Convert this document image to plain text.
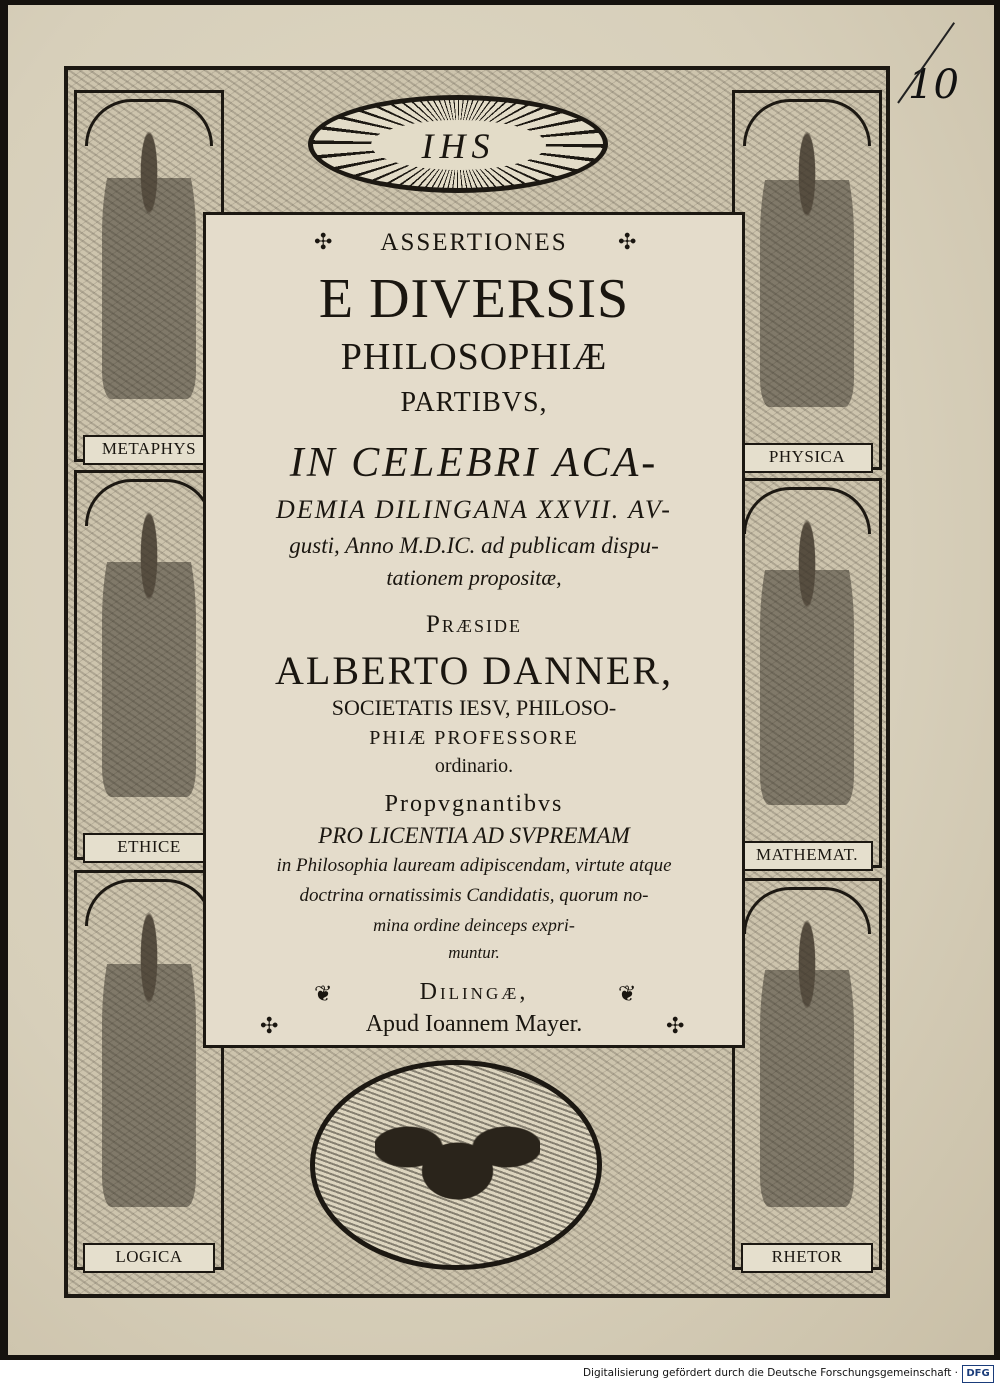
10
METAPHYS
ETHICE
LOGICA
PHYSICA
MATHEMAT.
RHETOR
IHS
✣	✣
ASSERTIONES
E DIVERSIS
PHILOSOPHIÆ
PARTIBVS,
IN CELEBRI ACA-
DEMIA DILINGANA XXVII. AV-
gusti, Anno M.D.IC. ad publicam dispu-
tationem propositæ,
Præside
ALBERTO DANNER,
SOCIETATIS IESV, PHILOSO-
PHIÆ PROFESSORE
ordinario.
Propvgnantibvs
PRO LICENTIA AD SVPREMAM
in Philosophia lauream adipiscendam, virtute atque
doctrina ornatissimis Candidatis, quorum no-
mina ordine deinceps expri-
muntur.
❦	❦
Dilingæ,
✣	✣
Apud Ioannem Mayer.
Digitalisierung gefördert durch die Deutsche Forschungsgemeinschaft · DFG
